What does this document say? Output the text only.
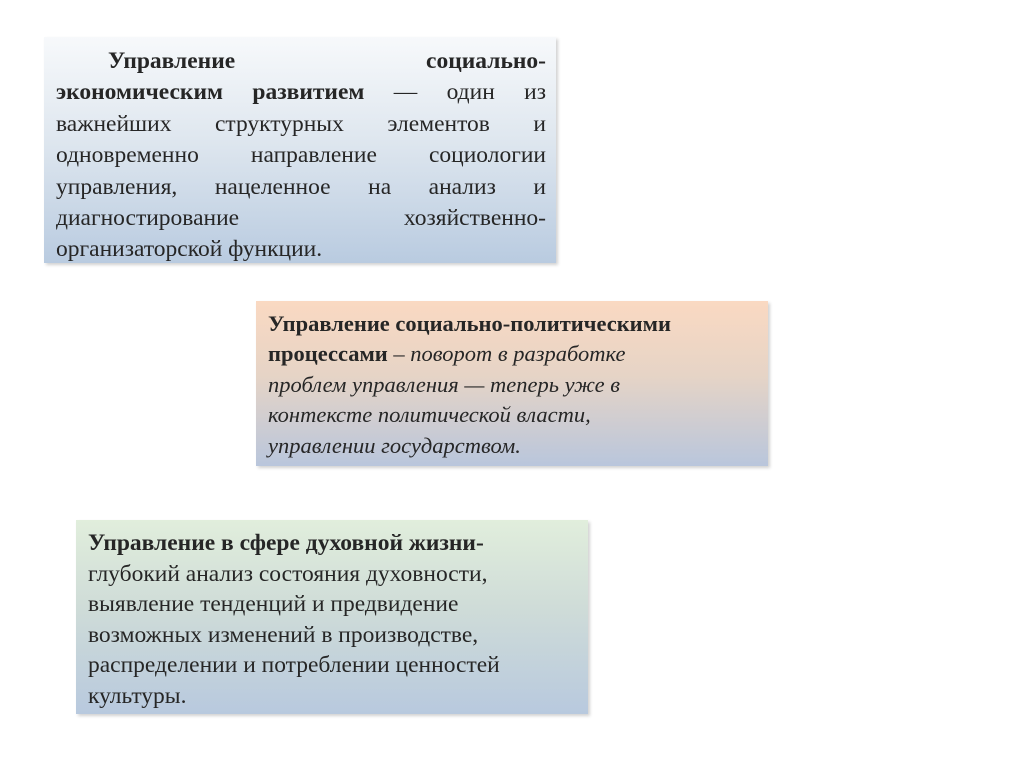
Управление	социально-

экономическим развитием — один из

важнейших структурных элементов и

одновременно направление социологии

управления, нацеленное на анализ и

диагностирование хозяйственно-

организаторской функции.

Управление социально-политическими

процессами – поворот в разработке

проблем управления — теперь уже в

контексте политической власти,

управлении государством.

Управление в сфере духовной жизни-

глубокий анализ состояния духовности,

выявление тенденций и предвидение

возможных изменений в производстве,

распределении и потреблении ценностей

культуры.
